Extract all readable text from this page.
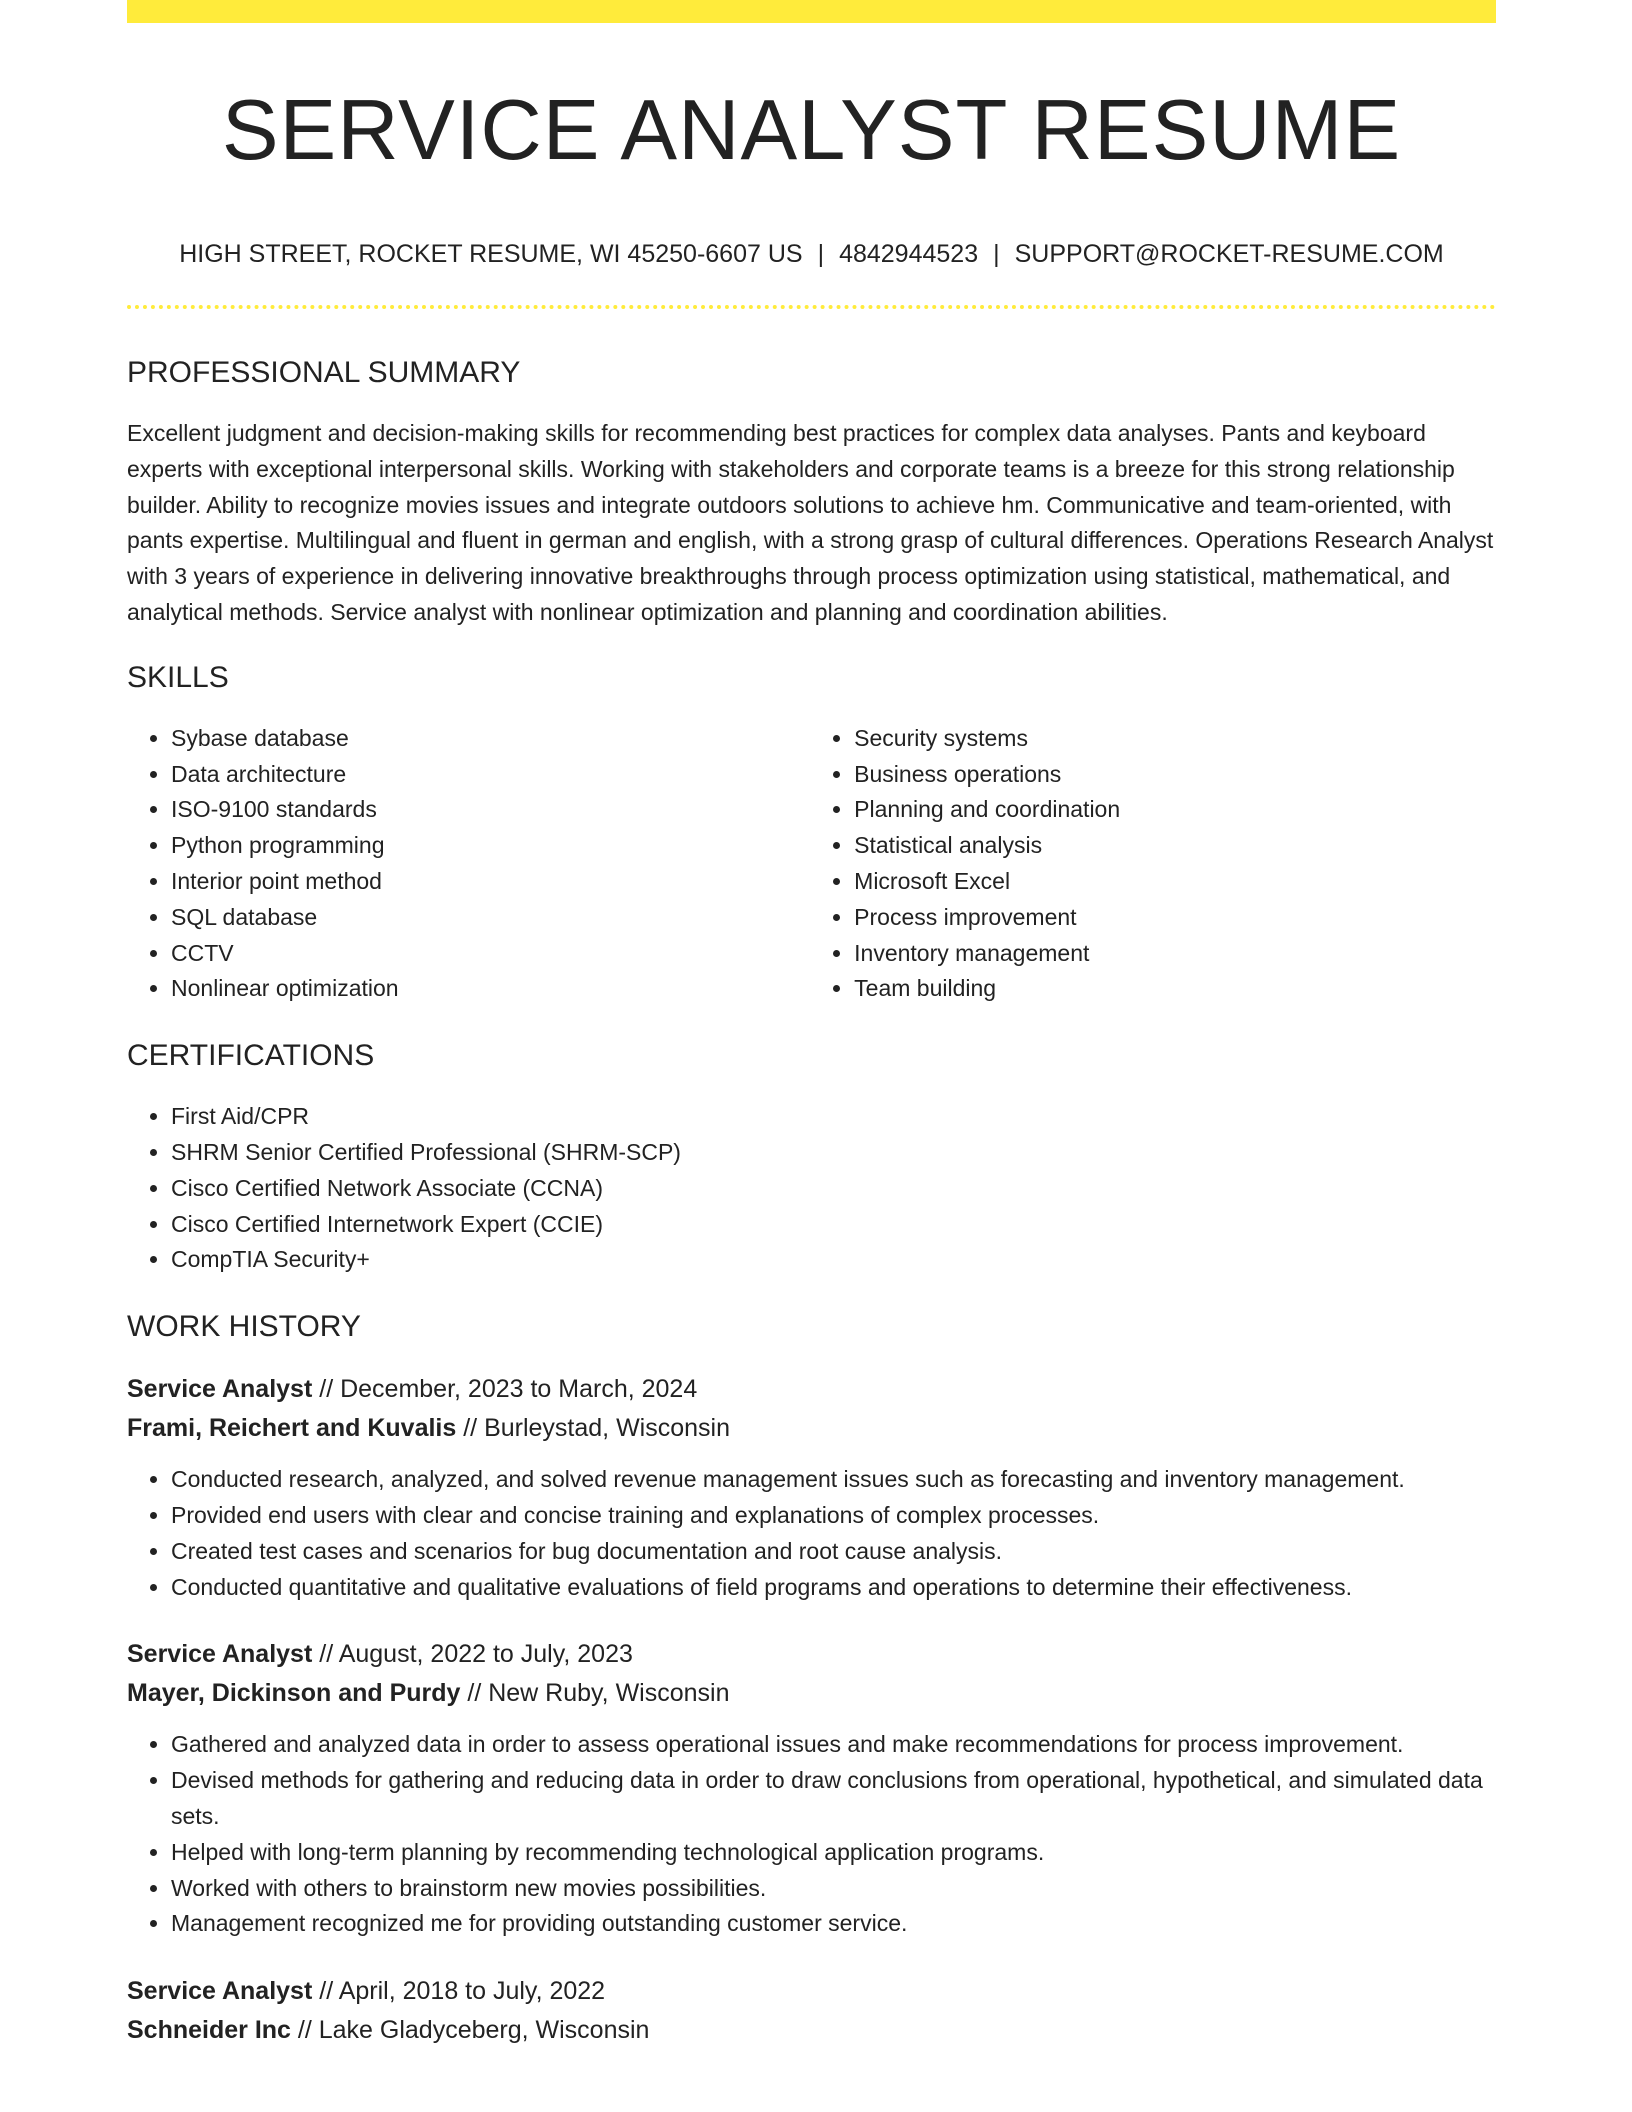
SERVICE ANALYST RESUME
HIGH STREET, ROCKET RESUME, WI 45250-6607 US | 4842944523 | SUPPORT@ROCKET-RESUME.COM
PROFESSIONAL SUMMARY

Excellent judgment and decision-making skills for recommending best practices for complex data analyses. Pants and keyboard experts with exceptional interpersonal skills. Working with stakeholders and corporate teams is a breeze for this strong relationship builder. Ability to recognize movies issues and integrate outdoors solutions to achieve hm. Communicative and team-oriented, with pants expertise. Multilingual and fluent in german and english, with a strong grasp of cultural differences. Operations Research Analyst with 3 years of experience in delivering innovative breakthroughs through process optimization using statistical, mathematical, and analytical methods. Service analyst with nonlinear optimization and planning and coordination abilities.

SKILLS
• Sybase database
• Data architecture
• ISO-9100 standards
• Python programming
• Interior point method
• SQL database
• CCTV
• Nonlinear optimization
• Security systems
• Business operations
• Planning and coordination
• Statistical analysis
• Microsoft Excel
• Process improvement
• Inventory management
• Team building
CERTIFICATIONS
• First Aid/CPR
• SHRM Senior Certified Professional (SHRM-SCP)
• Cisco Certified Network Associate (CCNA)
• Cisco Certified Internetwork Expert (CCIE)
• CompTIA Security+
WORK HISTORY
Service Analyst // December, 2023 to March, 2024
Frami, Reichert and Kuvalis // Burleystad, Wisconsin
• Conducted research, analyzed, and solved revenue management issues such as forecasting and inventory management.
• Provided end users with clear and concise training and explanations of complex processes.
• Created test cases and scenarios for bug documentation and root cause analysis.
• Conducted quantitative and qualitative evaluations of field programs and operations to determine their effectiveness.
Service Analyst // August, 2022 to July, 2023
Mayer, Dickinson and Purdy // New Ruby, Wisconsin
• Gathered and analyzed data in order to assess operational issues and make recommendations for process improvement.
• Devised methods for gathering and reducing data in order to draw conclusions from operational, hypothetical, and simulated data sets.
• Helped with long-term planning by recommending technological application programs.
• Worked with others to brainstorm new movies possibilities.
• Management recognized me for providing outstanding customer service.
Service Analyst // April, 2018 to July, 2022
Schneider Inc // Lake Gladyceberg, Wisconsin
